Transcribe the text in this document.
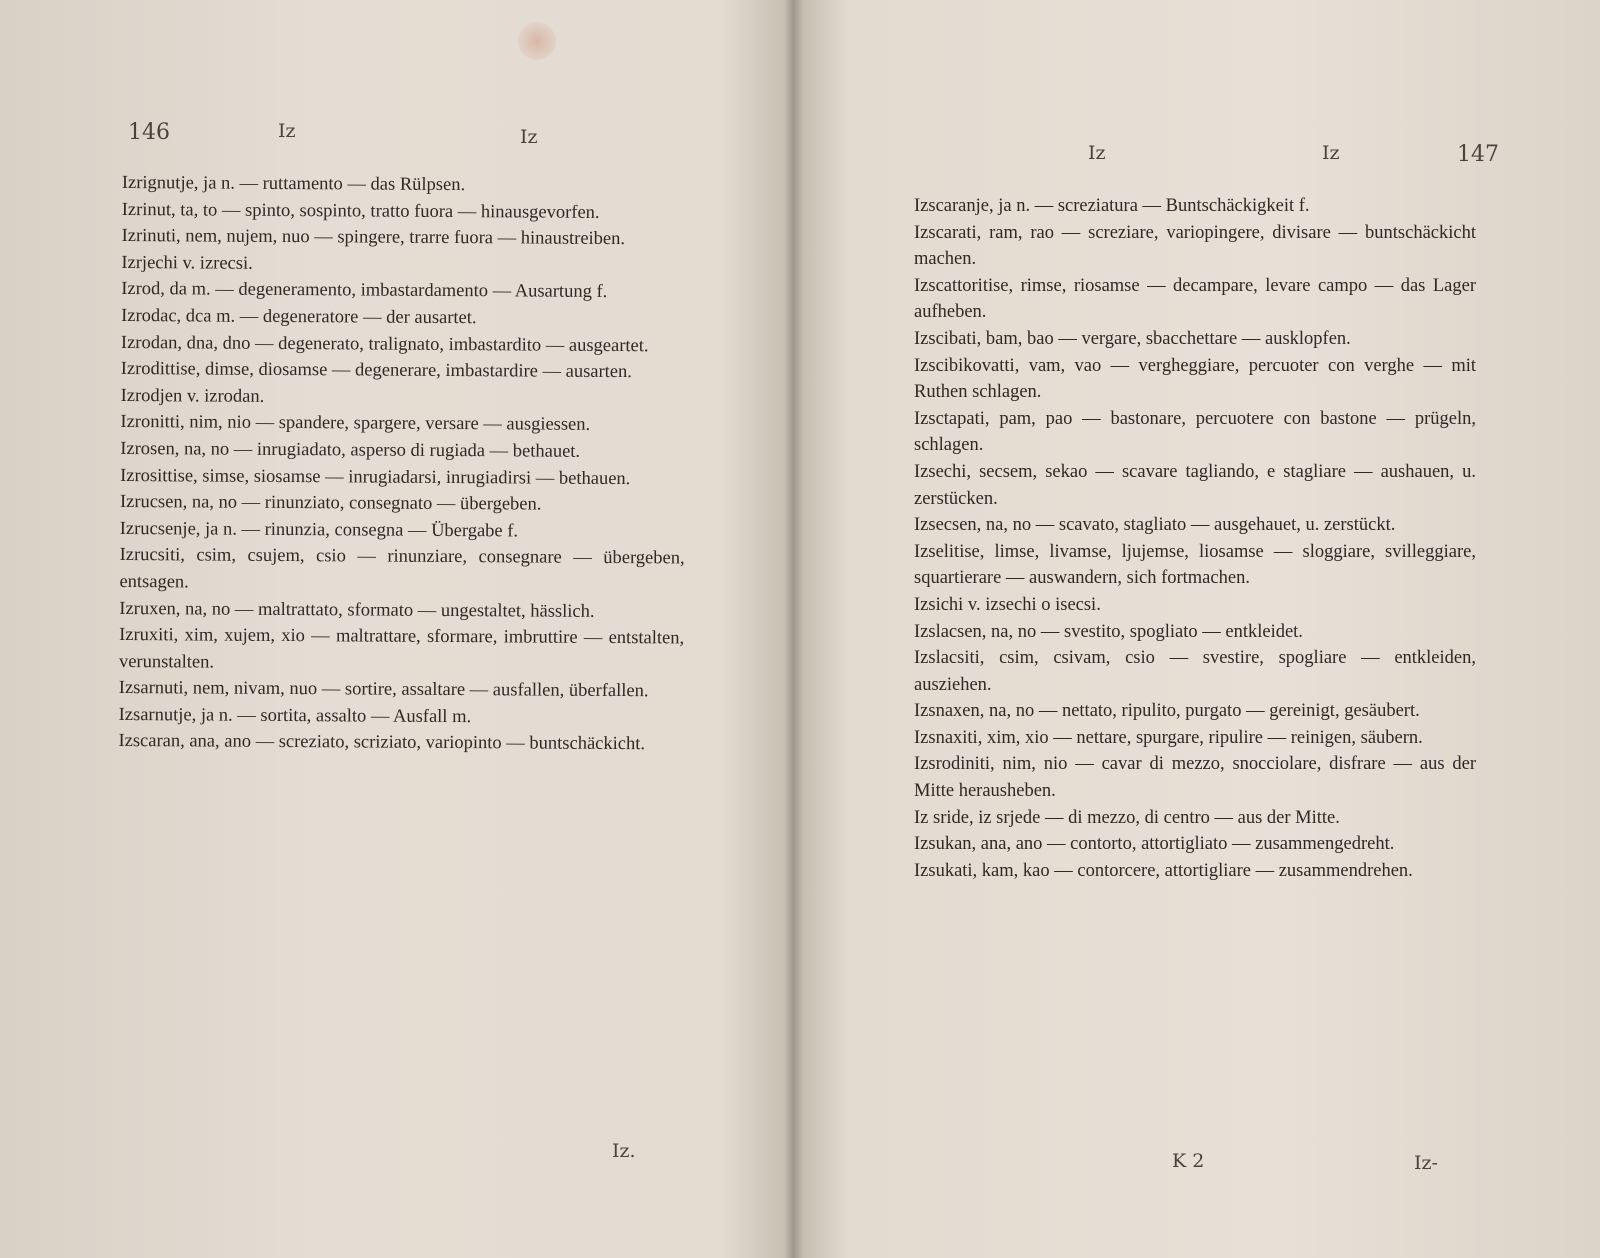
146	Iz	Iz

Izrignutje, ja n. — ruttamento — das Rülpsen.

Izrinut, ta, to — spinto, sospinto, tratto fuora — hinausgevorfen.

Izrinuti, nem, nujem, nuo — spingere, trarre fuora — hinaustreiben.

Izrjechi v. izrecsi.

Izrod, da m. — degeneramento, imbastardamento — Ausartung f.

Izrodac, dca m. — degeneratore — der ausartet.

Izrodan, dna, dno — degenerato, tralignato, imbastardito — ausgeartet.

Izrodittise, dimse, diosamse — degenerare, imbastardire — ausarten.

Izrodjen v. izrodan.

Izronitti, nim, nio — spandere, spargere, versare — ausgiessen.

Izrosen, na, no — inrugiadato, asperso di rugiada — bethauet.

Izrosittise, simse, siosamse — inrugiadarsi, inrugiadirsi — bethauen.

Izrucsen, na, no — rinunziato, consegnato — übergeben.

Izrucsenje, ja n. — rinunzia, consegna — Übergabe f.

Izrucsiti, csim, csujem, csio — rinunziare, consegnare — übergeben, entsagen.

Izruxen, na, no — maltrattato, sformato — ungestaltet, hässlich.

Izruxiti, xim, xujem, xio — maltrattare, sformare, imbruttire — entstalten, verunstalten.

Izsarnuti, nem, nivam, nuo — sortire, assaltare — ausfallen, überfallen.

Izsarnutje, ja n. — sortita, assalto — Ausfall m.

Izscaran, ana, ano — screziato, scriziato, variopinto — buntschäckicht.

Iz.
Iz	Iz	147

Izscaranje, ja n. — screziatura — Buntschäckigkeit f.

Izscarati, ram, rao — screziare, variopingere, divisare — buntschäckicht machen.

Izscattoritise, rimse, riosamse — decampare, levare campo — das Lager aufheben.

Izscibati, bam, bao — vergare, sbacchettare — ausklopfen.

Izscibikovatti, vam, vao — vergheggiare, percuoter con verghe — mit Ruthen schlagen.

Izsctapati, pam, pao — bastonare, percuotere con bastone — prügeln, schlagen.

Izsechi, secsem, sekao — scavare tagliando, e stagliare — aushauen, u. zerstücken.

Izsecsen, na, no — scavato, stagliato — ausgehauet, u. zerstückt.

Izselitise, limse, livamse, ljujemse, liosamse — sloggiare, svilleggiare, squartierare — auswandern, sich fortmachen.

Izsichi v. izsechi o isecsi.

Izslacsen, na, no — svestito, spogliato — entkleidet.

Izslacsiti, csim, csivam, csio — svestire, spogliare — entkleiden, ausziehen.

Izsnaxen, na, no — nettato, ripulito, purgato — gereinigt, gesäubert.

Izsnaxiti, xim, xio — nettare, spurgare, ripulire — reinigen, säubern.

Izsrodiniti, nim, nio — cavar di mezzo, snocciolare, disfrare — aus der Mitte herausheben.

Iz sride, iz srjede — di mezzo, di centro — aus der Mitte.

Izsukan, ana, ano — contorto, attortigliato — zusammengedreht.

Izsukati, kam, kao — contorcere, attortigliare — zusammendrehen.

K 2	Iz-
